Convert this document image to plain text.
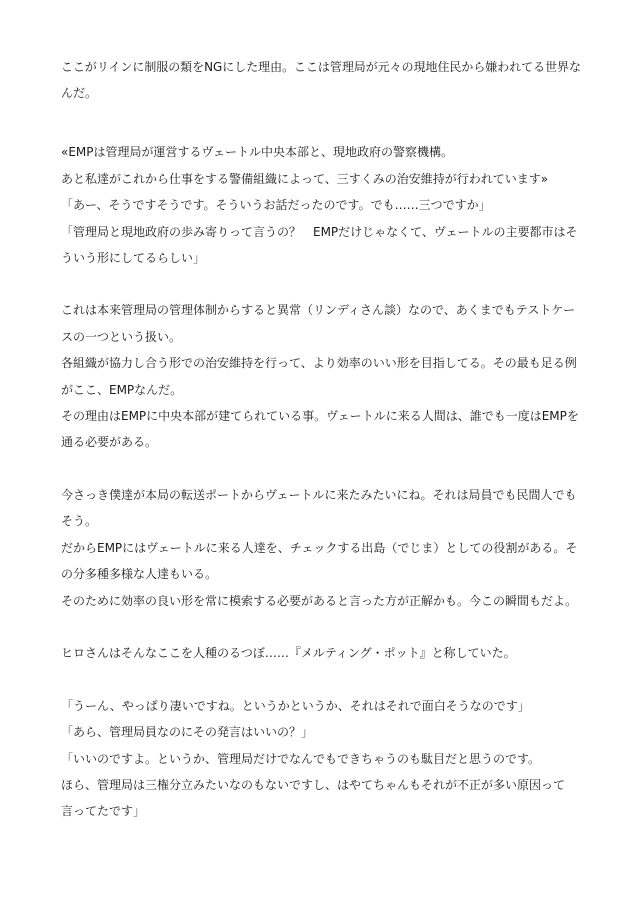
ここがリインに制服の類をNGにした理由。ここは管理局が元々の現地住民から嫌われてる世界な
んだ。
«EMPは管理局が運営するヴェートル中央本部と、現地政府の警察機構。
あと私達がこれから仕事をする警備組織によって、三すくみの治安維持が行われています»
「あー、そうですそうです。そういうお話だったのです。でも……三つですか」
「管理局と現地政府の歩み寄りって言うの？　EMPだけじゃなくて、ヴェートルの主要都市はそ
ういう形にしてるらしい」
これは本来管理局の管理体制からすると異常（リンディさん談）なので、あくまでもテストケー
スの一つという扱い。
各組織が協力し合う形での治安維持を行って、より効率のいい形を目指してる。その最も足る例
がここ、EMPなんだ。
その理由はEMPに中央本部が建てられている事。ヴェートルに来る人間は、誰でも一度はEMPを
通る必要がある。
今さっき僕達が本局の転送ポートからヴェートルに来たみたいにね。それは局員でも民間人でも
そう。
だからEMPにはヴェートルに来る人達を、チェックする出島（でじま）としての役割がある。そ
の分多種多様な人達もいる。
そのために効率の良い形を常に模索する必要があると言った方が正解かも。今この瞬間もだよ。
ヒロさんはそんなここを人種のるつぼ……『メルティング・ポット』と称していた。
「うーん、やっぱり凄いですね。というかというか、それはそれで面白そうなのです」
「あら、管理局員なのにその発言はいいの？」
「いいのですよ。というか、管理局だけでなんでもできちゃうのも駄目だと思うのです。
ほら、管理局は三権分立みたいなのもないですし、はやてちゃんもそれが不正が多い原因って
言ってたです」
